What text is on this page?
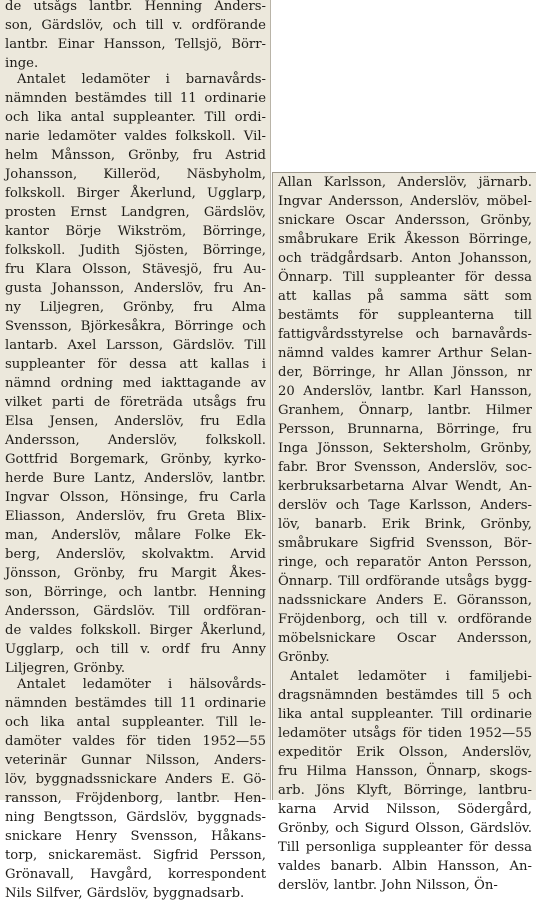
de utsågs lantbr. Henning Anders-
son, Gärdslöv, och till v. ordförande
lantbr. Einar Hansson, Tellsjö, Börr-
inge.
Antalet ledamöter i barnavårds-
nämnden bestämdes till 11 ordinarie
och lika antal suppleanter. Till ordi-
narie ledamöter valdes folkskoll. Vil-
helm Månsson, Grönby, fru Astrid
Johansson, Killeröd, Näsbyholm,
folkskoll. Birger Åkerlund, Ugglarp,
prosten Ernst Landgren, Gärdslöv,
kantor Börje Wikström, Börringe,
folkskoll. Judith Sjösten, Börringe,
fru Klara Olsson, Stävesjö, fru Au-
gusta Johansson, Anderslöv, fru An-
ny Liljegren, Grönby, fru Alma
Svensson, Björkesåkra, Börringe och
lantarb. Axel Larsson, Gärdslöv. Till
suppleanter för dessa att kallas i
nämnd ordning med iakttagande av
vilket parti de företräda utsågs fru
Elsa Jensen, Anderslöv, fru Edla
Andersson, Anderslöv, folkskoll.
Gottfrid Borgemark, Grönby, kyrko-
herde Bure Lantz, Anderslöv, lantbr.
Ingvar Olsson, Hönsinge, fru Carla
Eliasson, Anderslöv, fru Greta Blix-
man, Anderslöv, målare Folke Ek-
berg, Anderslöv, skolvaktm. Arvid
Jönsson, Grönby, fru Margit Åkes-
son, Börringe, och lantbr. Henning
Andersson, Gärdslöv. Till ordföran-
de valdes folkskoll. Birger Åkerlund,
Ugglarp, och till v. ordf fru Anny
Liljegren, Grönby.
Antalet ledamöter i hälsovårds-
nämnden bestämdes till 11 ordinarie
och lika antal suppleanter. Till le-
damöter valdes för tiden 1952—55
veterinär Gunnar Nilsson, Anders-
löv, byggnadssnickare Anders E. Gö-
ransson, Fröjdenborg, lantbr. Hen-
ning Bengtsson, Gärdslöv, byggnads-
snickare Henry Svensson, Håkans-
torp, snickaremäst. Sigfrid Persson,
Grönavall, Havgård, korrespondent
Nils Silfver, Gärdslöv, byggnadsarb.
Allan Karlsson, Anderslöv, järnarb.
Ingvar Andersson, Anderslöv, möbel-
snickare Oscar Andersson, Grönby,
småbrukare Erik Åkesson Börringe,
och trädgårdsarb. Anton Johansson,
Önnarp. Till suppleanter för dessa
att kallas på samma sätt som
bestämts för suppleanterna till
fattigvårdsstyrelse och barnavårds-
nämnd valdes kamrer Arthur Selan-
der, Börringe, hr Allan Jönsson, nr
20 Anderslöv, lantbr. Karl Hansson,
Granhem, Önnarp, lantbr. Hilmer
Persson, Brunnarna, Börringe, fru
Inga Jönsson, Sektersholm, Grönby,
fabr. Bror Svensson, Anderslöv, soc-
kerbruksarbetarna Alvar Wendt, An-
derslöv och Tage Karlsson, Anders-
löv, banarb. Erik Brink, Grönby,
småbrukare Sigfrid Svensson, Bör-
ringe, och reparatör Anton Persson,
Önnarp. Till ordförande utsågs bygg-
nadssnickare Anders E. Göransson,
Fröjdenborg, och till v. ordförande
möbelsnickare Oscar Andersson,
Grönby.
Antalet ledamöter i familjebi-
dragsnämnden bestämdes till 5 och
lika antal suppleanter. Till ordinarie
ledamöter utsågs för tiden 1952—55
expeditör Erik Olsson, Anderslöv,
fru Hilma Hansson, Önnarp, skogs-
arb. Jöns Klyft, Börringe, lantbru-
karna Arvid Nilsson, Södergård,
Grönby, och Sigurd Olsson, Gärdslöv.
Till personliga suppleanter för dessa
valdes banarb. Albin Hansson, An-
derslöv, lantbr. John Nilsson, Ön-
